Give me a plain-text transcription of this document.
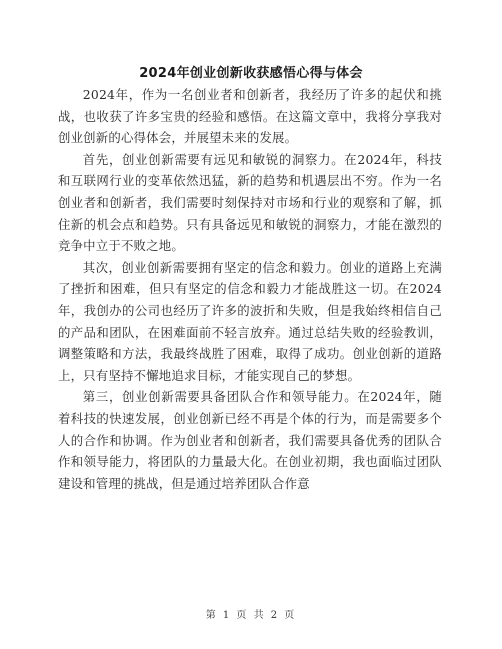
2024年创业创新收获感悟心得与体会

2024年，作为一名创业者和创新者，我经历了许多的起伏和挑战，也收获了许多宝贵的经验和感悟。在这篇文章中，我将分享我对创业创新的心得体会，并展望未来的发展。

首先，创业创新需要有远见和敏锐的洞察力。在2024年，科技和互联网行业的变革依然迅猛，新的趋势和机遇层出不穷。作为一名创业者和创新者，我们需要时刻保持对市场和行业的观察和了解，抓住新的机会点和趋势。只有具备远见和敏锐的洞察力，才能在激烈的竞争中立于不败之地。

其次，创业创新需要拥有坚定的信念和毅力。创业的道路上充满了挫折和困难，但只有坚定的信念和毅力才能战胜这一切。在2024年，我创办的公司也经历了许多的波折和失败，但是我始终相信自己的产品和团队，在困难面前不轻言放弃。通过总结失败的经验教训，调整策略和方法，我最终战胜了困难，取得了成功。创业创新的道路上，只有坚持不懈地追求目标，才能实现自己的梦想。

第三，创业创新需要具备团队合作和领导能力。在2024年，随着科技的快速发展，创业创新已经不再是个体的行为，而是需要多个人的合作和协调。作为创业者和创新者，我们需要具备优秀的团队合作和领导能力，将团队的力量最大化。在创业初期，我也面临过团队建设和管理的挑战，但是通过培养团队合作意

第 1 页 共 2 页
